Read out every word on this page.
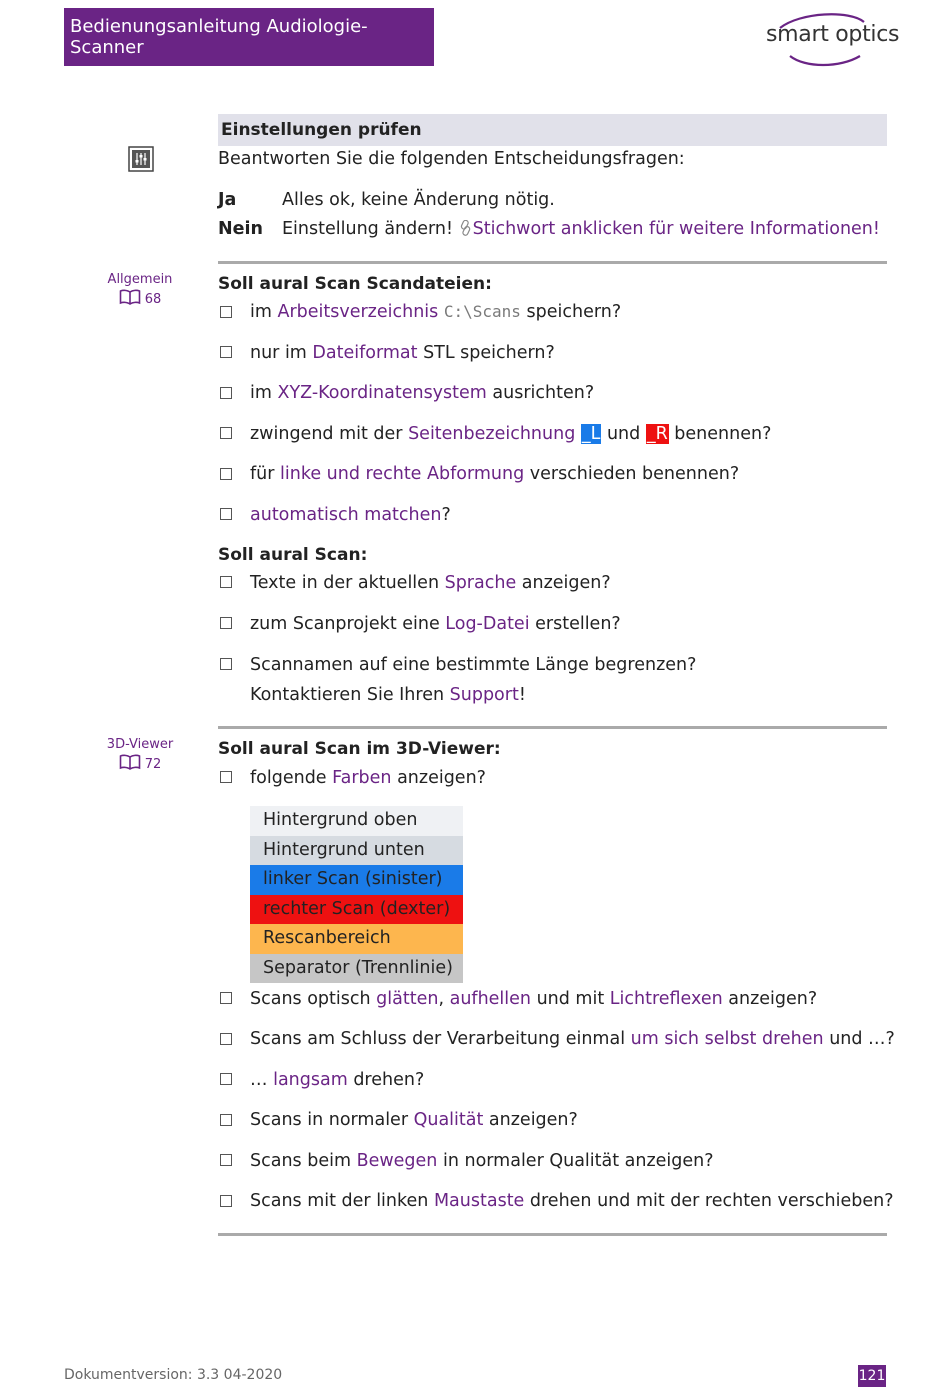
Bedienungsanleitung Audiologie-Scanner
smart optics
Einstellungen prüfen
Beantworten Sie die folgenden Entscheidungsfragen:
Ja	Alles ok, keine Änderung nötig.
Nein Einstellung ändern! Stichwort anklicken für weitere Informationen!
Allgemein
68
Soll aural Scan Scandateien:
im Arbeitsverzeichnis C:\Scans speichern?
nur im Dateiformat STL speichern?
im XYZ-Koordinatensystem ausrichten?
zwingend mit der Seitenbezeichnung _L und _R benennen?
für linke und rechte Abformung verschieden benennen?
automatisch matchen?
Soll aural Scan:
Texte in der aktuellen Sprache anzeigen?
zum Scanprojekt eine Log-Datei erstellen?
Scannamen auf eine bestimmte Länge begrenzen?
Kontaktieren Sie Ihren Support!
3D-Viewer
72
Soll aural Scan im 3D-Viewer:
folgende Farben anzeigen?
Hintergrund oben
Hintergrund unten
linker Scan (sinister)
rechter Scan (dexter)
Rescanbereich
Separator (Trennlinie)
Scans optisch glätten, aufhellen und mit Lichtreflexen anzeigen?
Scans am Schluss der Verarbeitung einmal um sich selbst drehen und …?
… langsam drehen?
Scans in normaler Qualität anzeigen?
Scans beim Bewegen in normaler Qualität anzeigen?
Scans mit der linken Maustaste drehen und mit der rechten verschieben?
Dokumentversion: 3.3 04-2020	121
